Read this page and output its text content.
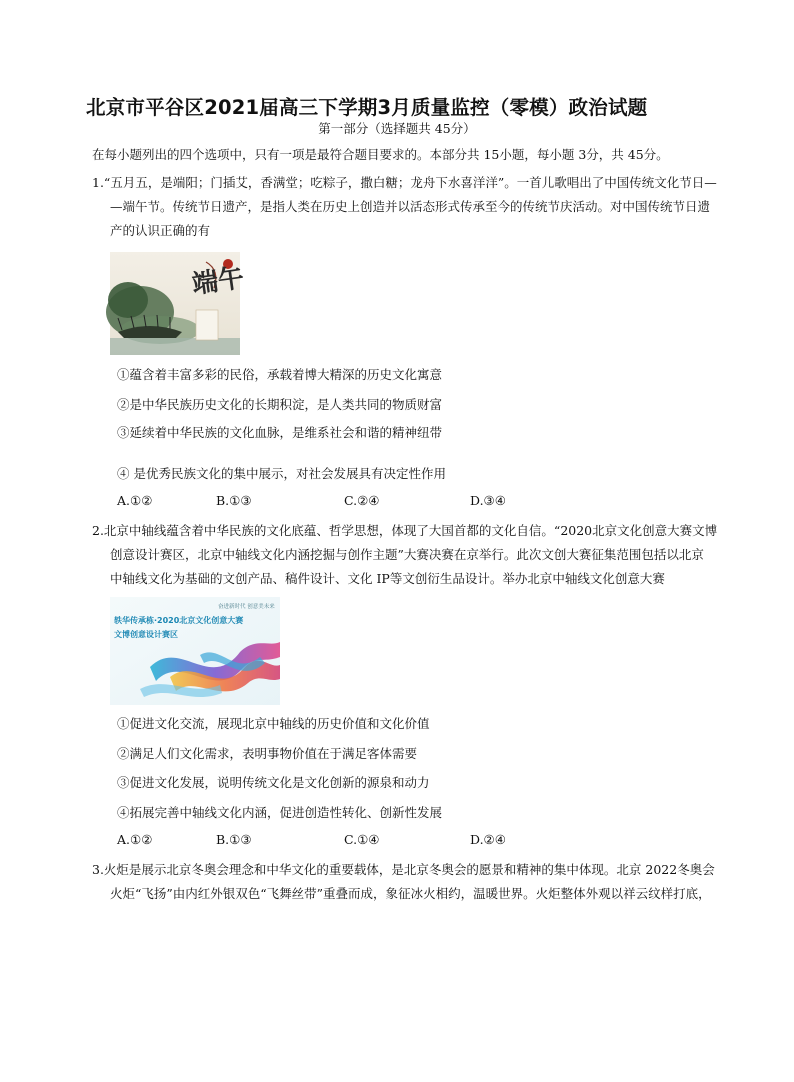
北京市平谷区2021届高三下学期3月质量监控（零模）政治试题
第一部分（选择题共 45分）
在每小题列出的四个选项中，只有一项是最符合题目要求的。本部分共 15小题，每小题 3分，共 45分。
1.“五月五，是端阳；门插艾，香满堂；吃粽子，撒白糖；龙舟下水喜洋洋”。一首儿歌唱出了中国传统文化节日—
—端午节。传统节日遗产，是指人类在历史上创造并以活态形式传承至今的传统节庆活动。对中国传统节日遗
产的认识正确的有
端午
①蕴含着丰富多彩的民俗，承载着博大精深的历史文化寓意
②是中华民族历史文化的长期积淀，是人类共同的物质财富
③延续着中华民族的文化血脉，是维系社会和谐的精神纽带
④ 是优秀民族文化的集中展示，对社会发展具有决定性作用
A.①②	B.①③	C.②④	D.③④
2.北京中轴线蕴含着中华民族的文化底蕴、哲学思想，体现了大国首都的文化自信。“2020北京文化创意大赛文博
创意设计赛区，北京中轴线文化内涵挖掘与创作主题”大赛决赛在京举行。此次文创大赛征集范围包括以北京
中轴线文化为基础的文创产品、稿件设计、文化 IP等文创衍生品设计。举办北京中轴线文化创意大赛
奋进新时代 创意美未来
轶华传承栋·2020北京文化创意大赛
文博创意设计赛区
①促进文化交流，展现北京中轴线的历史价值和文化价值
②满足人们文化需求，表明事物价值在于满足客体需要
③促进文化发展，说明传统文化是文化创新的源泉和动力
④拓展完善中轴线文化内涵，促进创造性转化、创新性发展
A.①②	B.①③	C.①④	D.②④
3.火炬是展示北京冬奥会理念和中华文化的重要载体，是北京冬奥会的愿景和精神的集中体现。北京 2022冬奥会
火炬“飞扬”由内红外银双色“飞舞丝带”重叠而成，象征冰火相约，温暖世界。火炬整体外观以祥云纹样打底，
